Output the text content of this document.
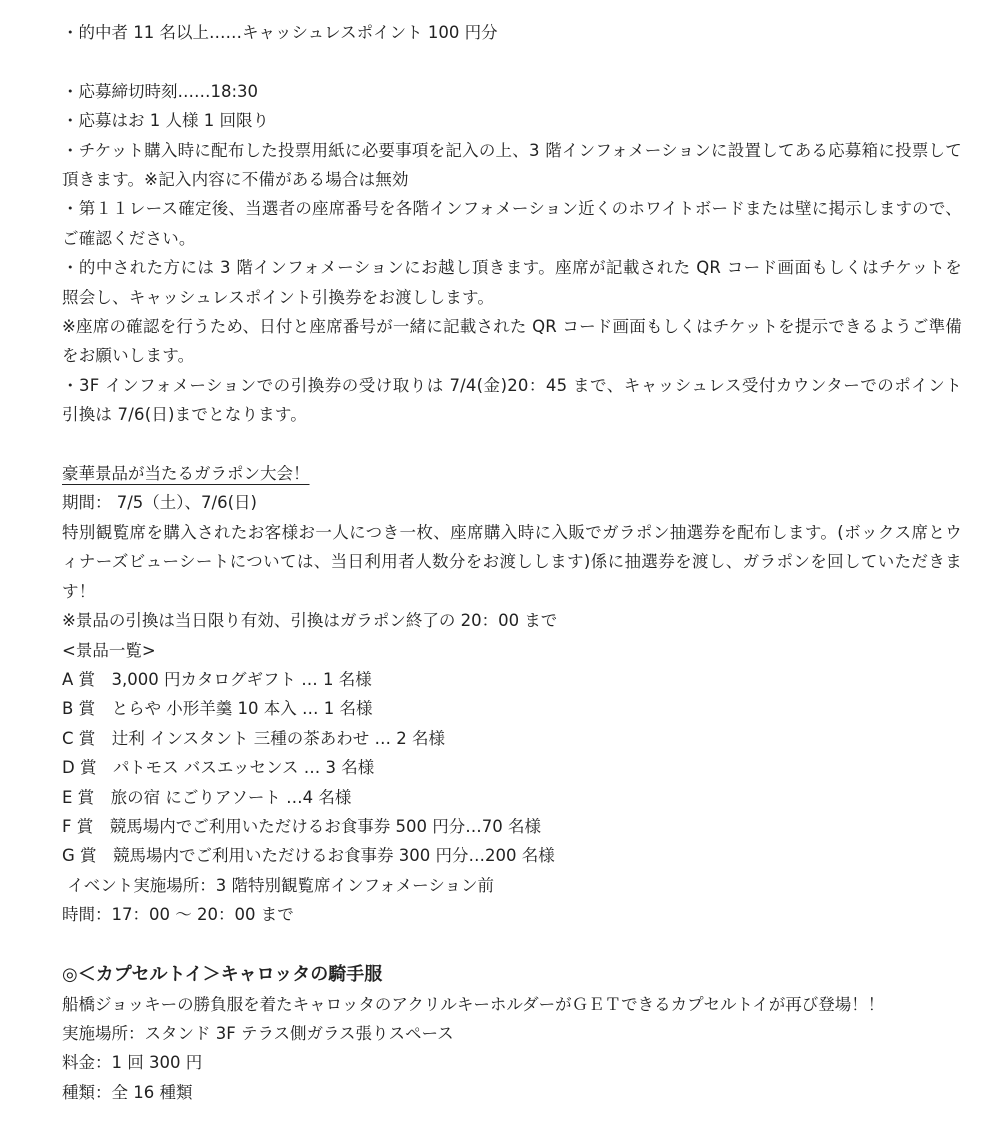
・的中者 11 名以上……キャッシュレスポイント 100 円分
・応募締切時刻……18:30
・応募はお 1 人様 1 回限り
・チケット購入時に配布した投票用紙に必要事項を記入の上、3 階インフォメーションに設置してある応募箱に投票して頂きます。※記入内容に不備がある場合は無効
・第１１レース確定後、当選者の座席番号を各階インフォメーション近くのホワイトボードまたは壁に掲示しますので、ご確認ください。
・的中された方には 3 階インフォメーションにお越し頂きます。座席が記載された QR コード画面もしくはチケットを照会し、キャッシュレスポイント引換券をお渡しします。
※座席の確認を行うため、日付と座席番号が一緒に記載された QR コード画面もしくはチケットを提示できるようご準備をお願いします。
・3F インフォメーションでの引換券の受け取りは 7/4(金)20：45 まで、キャッシュレス受付カウンターでのポイント引換は 7/6(日)までとなります。
豪華景品が当たるガラポン大会！
期間： 7/5（土）、7/6(日)
特別観覧席を購入されたお客様お一人につき一枚、座席購入時に入販でガラポン抽選券を配布します。(ボックス席とウィナーズビューシートについては、当日利用者人数分をお渡しします)係に抽選券を渡し、ガラポンを回していただきます！
※景品の引換は当日限り有効、引換はガラポン終了の 20：00 まで
<景品一覧>
A 賞　3,000 円カタログギフト … 1 名様
B 賞　とらや 小形羊羹 10 本入 … 1 名様
C 賞　辻利 インスタント 三種の茶あわせ … 2 名様
D 賞　パトモス バスエッセンス … 3 名様
E 賞　旅の宿 にごりアソート …4 名様
F 賞　競馬場内でご利用いただけるお食事券 500 円分…70 名様
G 賞　競馬場内でご利用いただけるお食事券 300 円分…200 名様
イベント実施場所：3 階特別観覧席インフォメーション前
時間：17：00 ～ 20：00 まで
◎＜カプセルトイ＞キャロッタの騎手服
船橋ジョッキーの勝負服を着たキャロッタのアクリルキーホルダーがＧＥＴできるカプセルトイが再び登場！！
実施場所：スタンド 3F テラス側ガラス張りスペース
料金：1 回 300 円
種類：全 16 種類
